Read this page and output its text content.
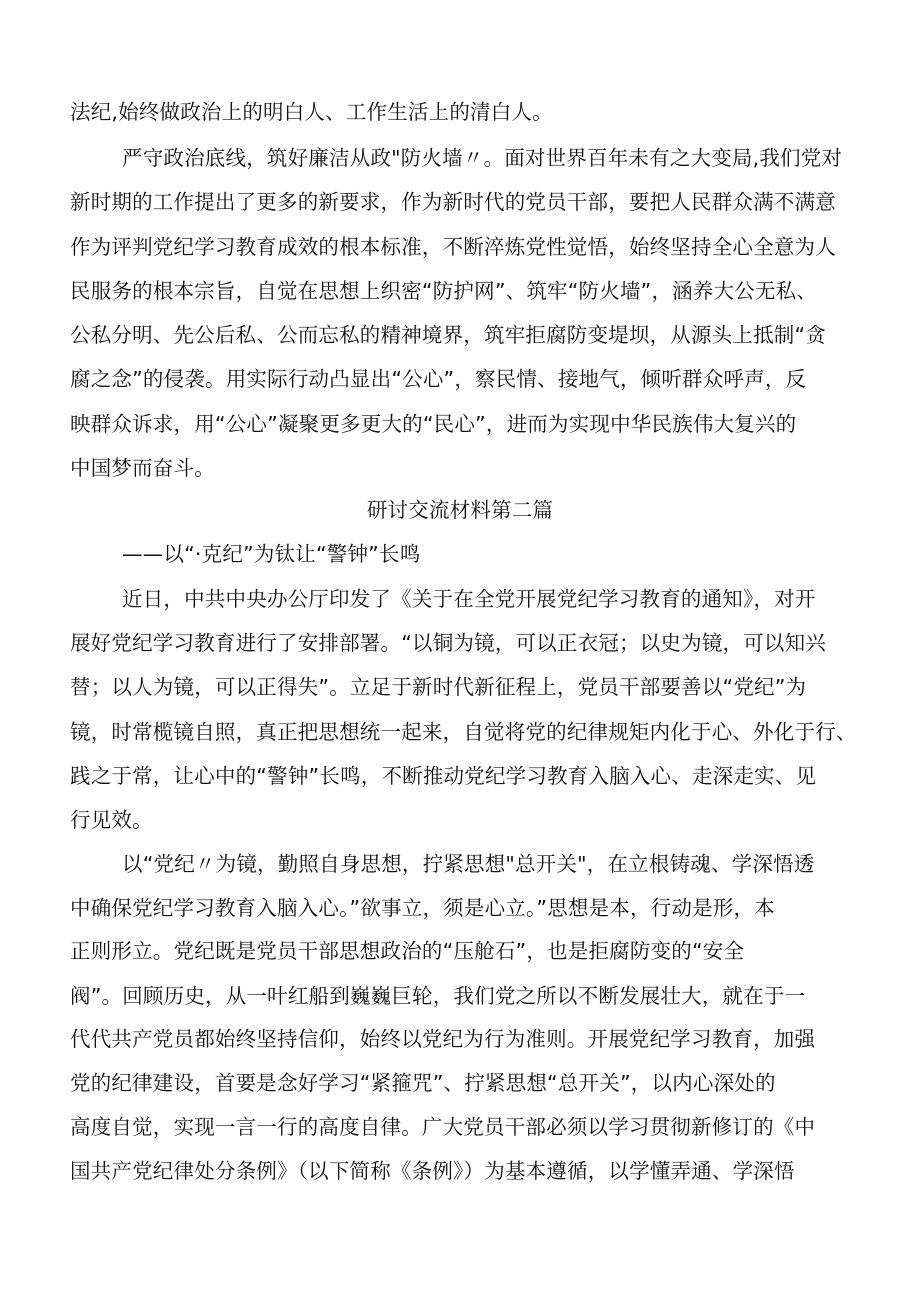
法纪,始终做政治上的明白人、工作生活上的清白人。
严守政治底线，筑好廉洁从政"防火墙〃。面对世界百年未有之大变局,我们党对
新时期的工作提出了更多的新要求，作为新时代的党员干部，要把人民群众满不满意
作为评判党纪学习教育成效的根本标准，不断淬炼党性觉悟，始终坚持全心全意为人
民服务的根本宗旨，自觉在思想上织密“防护网”、筑牢“防火墙”，涵养大公无私、
公私分明、先公后私、公而忘私的精神境界，筑牢拒腐防变堤坝，从源头上抵制“贪
腐之念”的侵袭。用实际行动凸显出“公心”，察民情、接地气，倾听群众呼声，反
映群众诉求，用“公心”凝聚更多更大的“民心”，进而为实现中华民族伟大复兴的
中国梦而奋斗。
研讨交流材料第二篇
——以“·克纪”为钛让“警钟”长鸣
近日，中共中央办公厅印发了《关于在全党开展党纪学习教育的通知》，对开
展好党纪学习教育进行了安排部署。“以铜为镜，可以正衣冠；以史为镜，可以知兴
替；以人为镜，可以正得失”。立足于新时代新征程上，党员干部要善以“党纪”为
镜，时常榄镜自照，真正把思想统一起来，自觉将党的纪律规矩内化于心、外化于行、
践之于常，让心中的“警钟”长鸣，不断推动党纪学习教育入脑入心、走深走实、见
行见效。
以“党纪〃为镜，勤照自身思想，拧紧思想"总开关"，在立根铸魂、学深悟透
中确保党纪学习教育入脑入心。”欲事立，须是心立。”思想是本，行动是形，本
正则形立。党纪既是党员干部思想政治的“压舱石”，也是拒腐防变的“安全
阀”。回顾历史，从一叶红船到巍巍巨轮，我们党之所以不断发展壮大，就在于一
代代共产党员都始终坚持信仰，始终以党纪为行为准则。开展党纪学习教育，加强
党的纪律建设，首要是念好学习“紧箍咒”、拧紧思想“总开关”，以内心深处的
高度自觉，实现一言一行的高度自律。广大党员干部必须以学习贯彻新修订的《中
国共产党纪律处分条例》（以下简称《条例》）为基本遵循，以学懂弄通、学深悟
